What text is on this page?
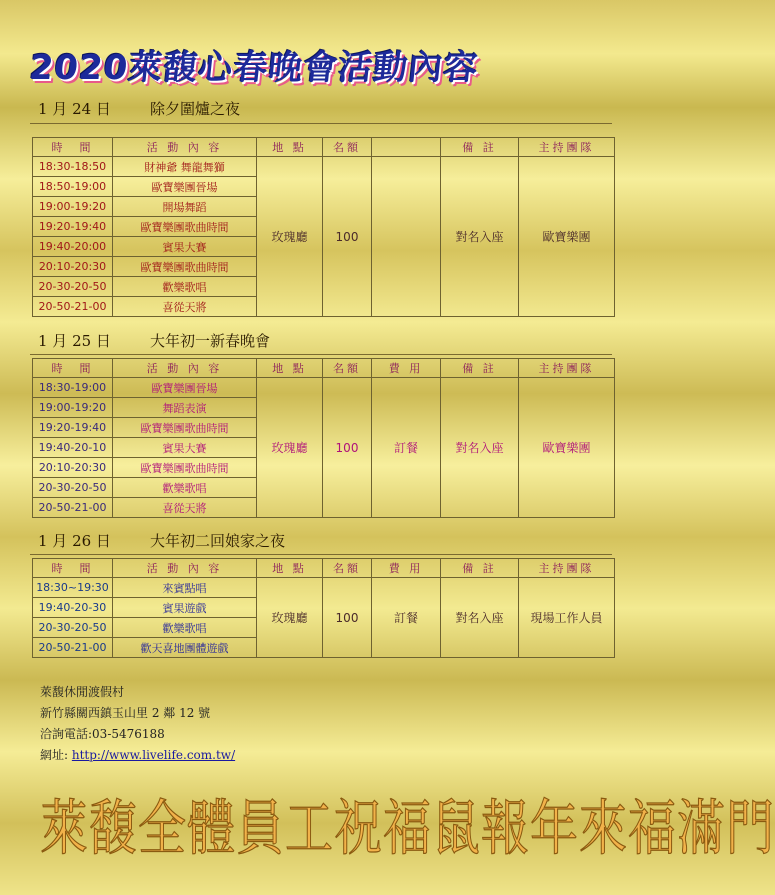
2020萊馥心春晚會活動內容
1 月 24 日	除夕圍爐之夜
時　間	活 動 內 容	地 點	名額		備 註	主持團隊
18:30-18:50	財神爺 舞龍舞獅	玫瑰廳	100		對名入座	歐寶樂團
18:50-19:00	歐寶樂團晉場					
19:00-19:20	開場舞蹈					
19:20-19:40	歐寶樂團歌曲時間					
19:40-20:00	賓果大賽					
20:10-20:30	歐寶樂團歌曲時間					
20-30-20-50	歡樂歌唱					
20-50-21-00	喜從天將					
1 月 25 日	大年初一新春晚會
時　間	活 動 內 容	地 點	名額	費 用	備 註	主持團隊
18:30-19:00	歐寶樂團晉場	玫瑰廳	100	訂餐	對名入座	歐寶樂團
19:00-19:20	舞蹈表演					
19:20-19:40	歐寶樂團歌曲時間					
19:40-20-10	賓果大賽					
20:10-20:30	歐寶樂團歌曲時間					
20-30-20-50	歡樂歌唱					
20-50-21-00	喜從天將					
1 月 26 日	大年初二回娘家之夜
時　間	活 動 內 容	地 點	名額	費 用	備 註	主持團隊
18:30~19:30	來賓點唱	玫瑰廳	100	訂餐	對名入座	現場工作人員
19:40-20-30	賓果遊戲					
20-30-20-50	歡樂歌唱					
20-50-21-00	歡天喜地團體遊戲					
萊馥休閒渡假村
新竹縣關西鎮玉山里 2 鄰 12 號
洽詢電話:03-5476188
網址: http://www.livelife.com.tw/
萊馥全體員工祝福鼠報年來福滿門
